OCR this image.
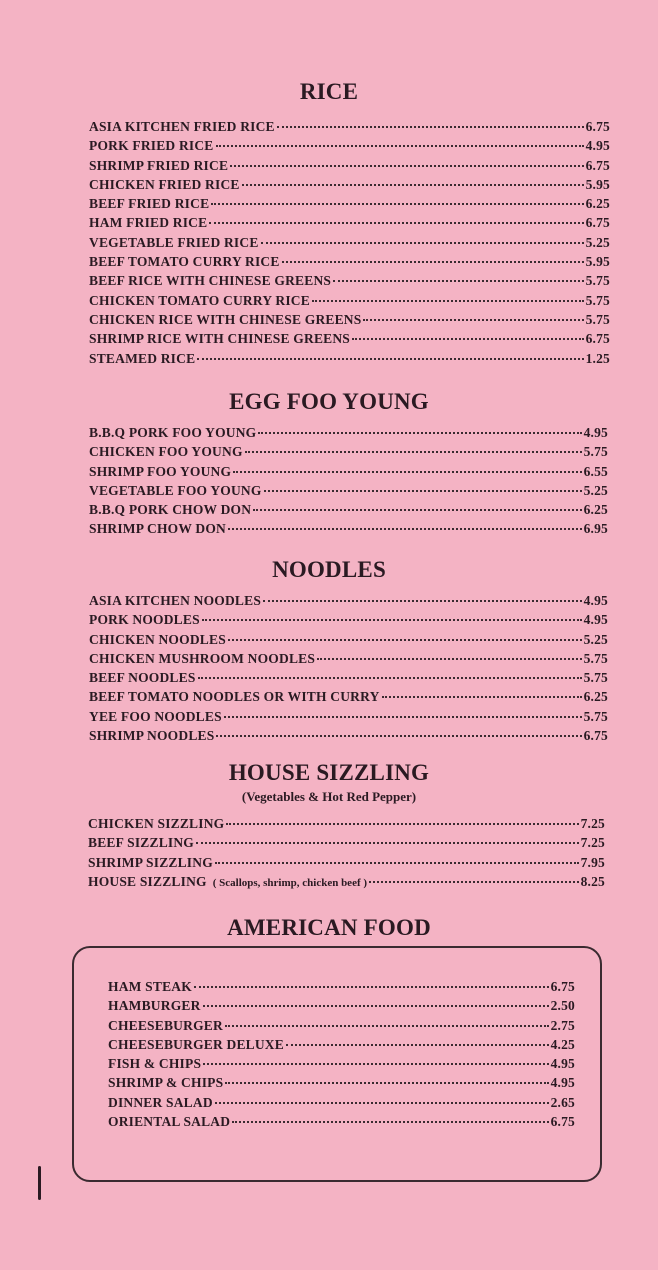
RICE
ASIA KITCHEN FRIED RICE	6.75
PORK FRIED RICE	4.95
SHRIMP FRIED RICE	6.75
CHICKEN FRIED RICE	5.95
BEEF FRIED RICE	6.25
HAM FRIED RICE	6.75
VEGETABLE FRIED RICE	5.25
BEEF TOMATO CURRY RICE	5.95
BEEF RICE WITH CHINESE GREENS	5.75
CHICKEN TOMATO CURRY RICE	5.75
CHICKEN RICE WITH CHINESE GREENS	5.75
SHRIMP RICE WITH CHINESE GREENS	6.75
STEAMED RICE	1.25
EGG FOO YOUNG
B.B.Q PORK FOO YOUNG	4.95
CHICKEN FOO YOUNG	5.75
SHRIMP FOO YOUNG	6.55
VEGETABLE FOO YOUNG	5.25
B.B.Q PORK CHOW DON	6.25
SHRIMP CHOW DON	6.95
NOODLES
ASIA KITCHEN NOODLES	4.95
PORK NOODLES	4.95
CHICKEN NOODLES	5.25
CHICKEN MUSHROOM NOODLES	5.75
BEEF NOODLES	5.75
BEEF TOMATO NOODLES OR WITH CURRY	6.25
YEE FOO NOODLES	5.75
SHRIMP NOODLES	6.75
HOUSE SIZZLING

(Vegetables & Hot Red Pepper)

CHICKEN SIZZLING	7.25
BEEF SIZZLING	7.25
SHRIMP SIZZLING	7.95
HOUSE SIZZLING ( Scallops, shrimp, chicken beef )	8.25
AMERICAN FOOD
HAM STEAK	6.75
HAMBURGER	2.50
CHEESEBURGER	2.75
CHEESEBURGER DELUXE	4.25
FISH & CHIPS	4.95
SHRIMP & CHIPS	4.95
DINNER SALAD	2.65
ORIENTAL SALAD	6.75
